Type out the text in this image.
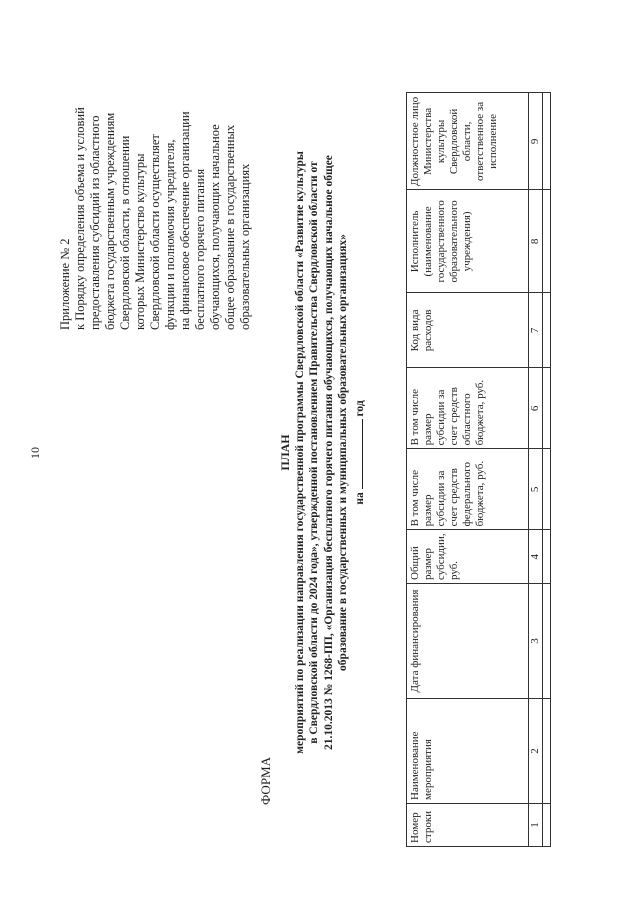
10
Приложение № 2 к Порядку определения объема и условий предоставления субсидий из областного бюджета государственным учреждениям Свердловской области, в отношении которых Министерство культуры Свердловской области осуществляет функции и полномочия учредителя, на финансовое обеспечение организации бесплатного горячего питания обучающихся, получающих начальное общее образование в государственных образовательных организациях
ФОРМА
ПЛАН мероприятий по реализации направления государственной программы Свердловской области «Развитие культуры в Свердловской области до 2024 года», утвержденной постановлением Правительства Свердловской области от 21.10.2013 № 1268-ПП, «Организация бесплатного горячего питания обучающихся, получающих начальное общее образование в государственных и муниципальных образовательных организациях» на  год
Номер строки	Наименование мероприятия	Дата финансирования	Общий размер субсидии, руб.	В том числе размер субсидии за счет средств федерального бюджета, руб.	В том числе размер субсидии за счет средств областного бюджета, руб.	Код вида расходов	Исполнитель (наименование государственного образовательного учреждения)	Должностное лицо Министерства культуры Свердловской области, ответственное за исполнение
1	2	3	4	5	6	7	8	9
